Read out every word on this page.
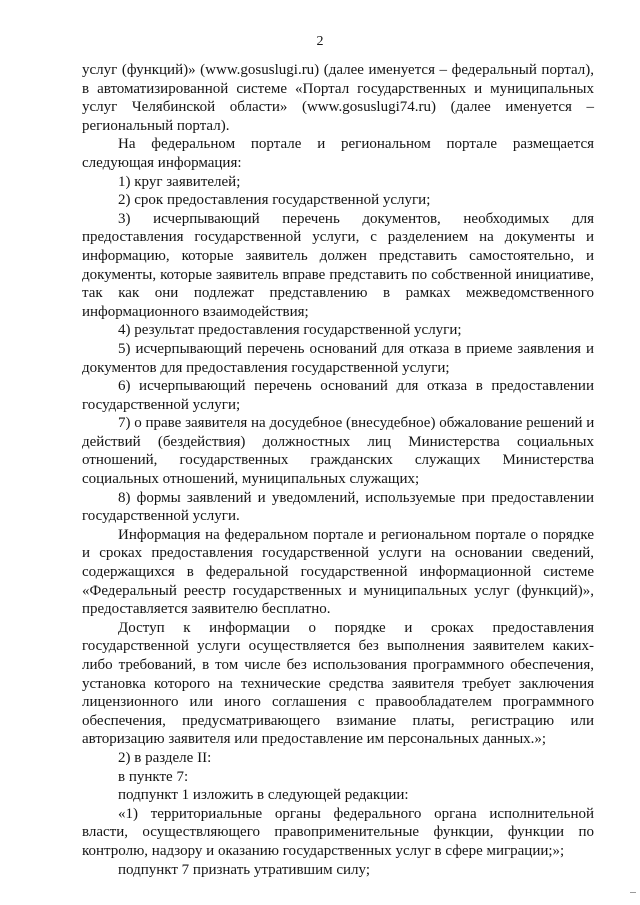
2
услуг (функций)» (www.gosuslugi.ru) (далее именуется – федеральный портал),
в автоматизированной системе «Портал государственных и муниципальных
услуг Челябинской области» (www.gosuslugi74.ru) (далее именуется –
региональный портал).
На федеральном портале и региональном портале размещается
следующая информация:
1) круг заявителей;
2) срок предоставления государственной услуги;
3) исчерпывающий перечень документов, необходимых для
предоставления государственной услуги, с разделением на документы и
информацию, которые заявитель должен представить самостоятельно, и
документы, которые заявитель вправе представить по собственной инициативе,
так как они подлежат представлению в рамках межведомственного
информационного взаимодействия;
4) результат предоставления государственной услуги;
5) исчерпывающий перечень оснований для отказа в приеме заявления и
документов для предоставления государственной услуги;
6) исчерпывающий перечень оснований для отказа в предоставлении
государственной услуги;
7) о праве заявителя на досудебное (внесудебное) обжалование решений и
действий (бездействия) должностных лиц Министерства социальных
отношений, государственных гражданских служащих Министерства
социальных отношений, муниципальных служащих;
8) формы заявлений и уведомлений, используемые при предоставлении
государственной услуги.
Информация на федеральном портале и региональном портале о порядке
и сроках предоставления государственной услуги на основании сведений,
содержащихся в федеральной государственной информационной системе
«Федеральный реестр государственных и муниципальных услуг (функций)»,
предоставляется заявителю бесплатно.
Доступ к информации о порядке и сроках предоставления
государственной услуги осуществляется без выполнения заявителем каких-
либо требований, в том числе без использования программного обеспечения,
установка которого на технические средства заявителя требует заключения
лицензионного или иного соглашения с правообладателем программного
обеспечения, предусматривающего взимание платы, регистрацию или
авторизацию заявителя или предоставление им персональных данных.»;
2) в разделе II:
в пункте 7:
подпункт 1 изложить в следующей редакции:
«1) территориальные органы федерального органа исполнительной
власти, осуществляющего правоприменительные функции, функции по
контролю, надзору и оказанию государственных услуг в сфере миграции;»;
подпункт 7 признать утратившим силу;
